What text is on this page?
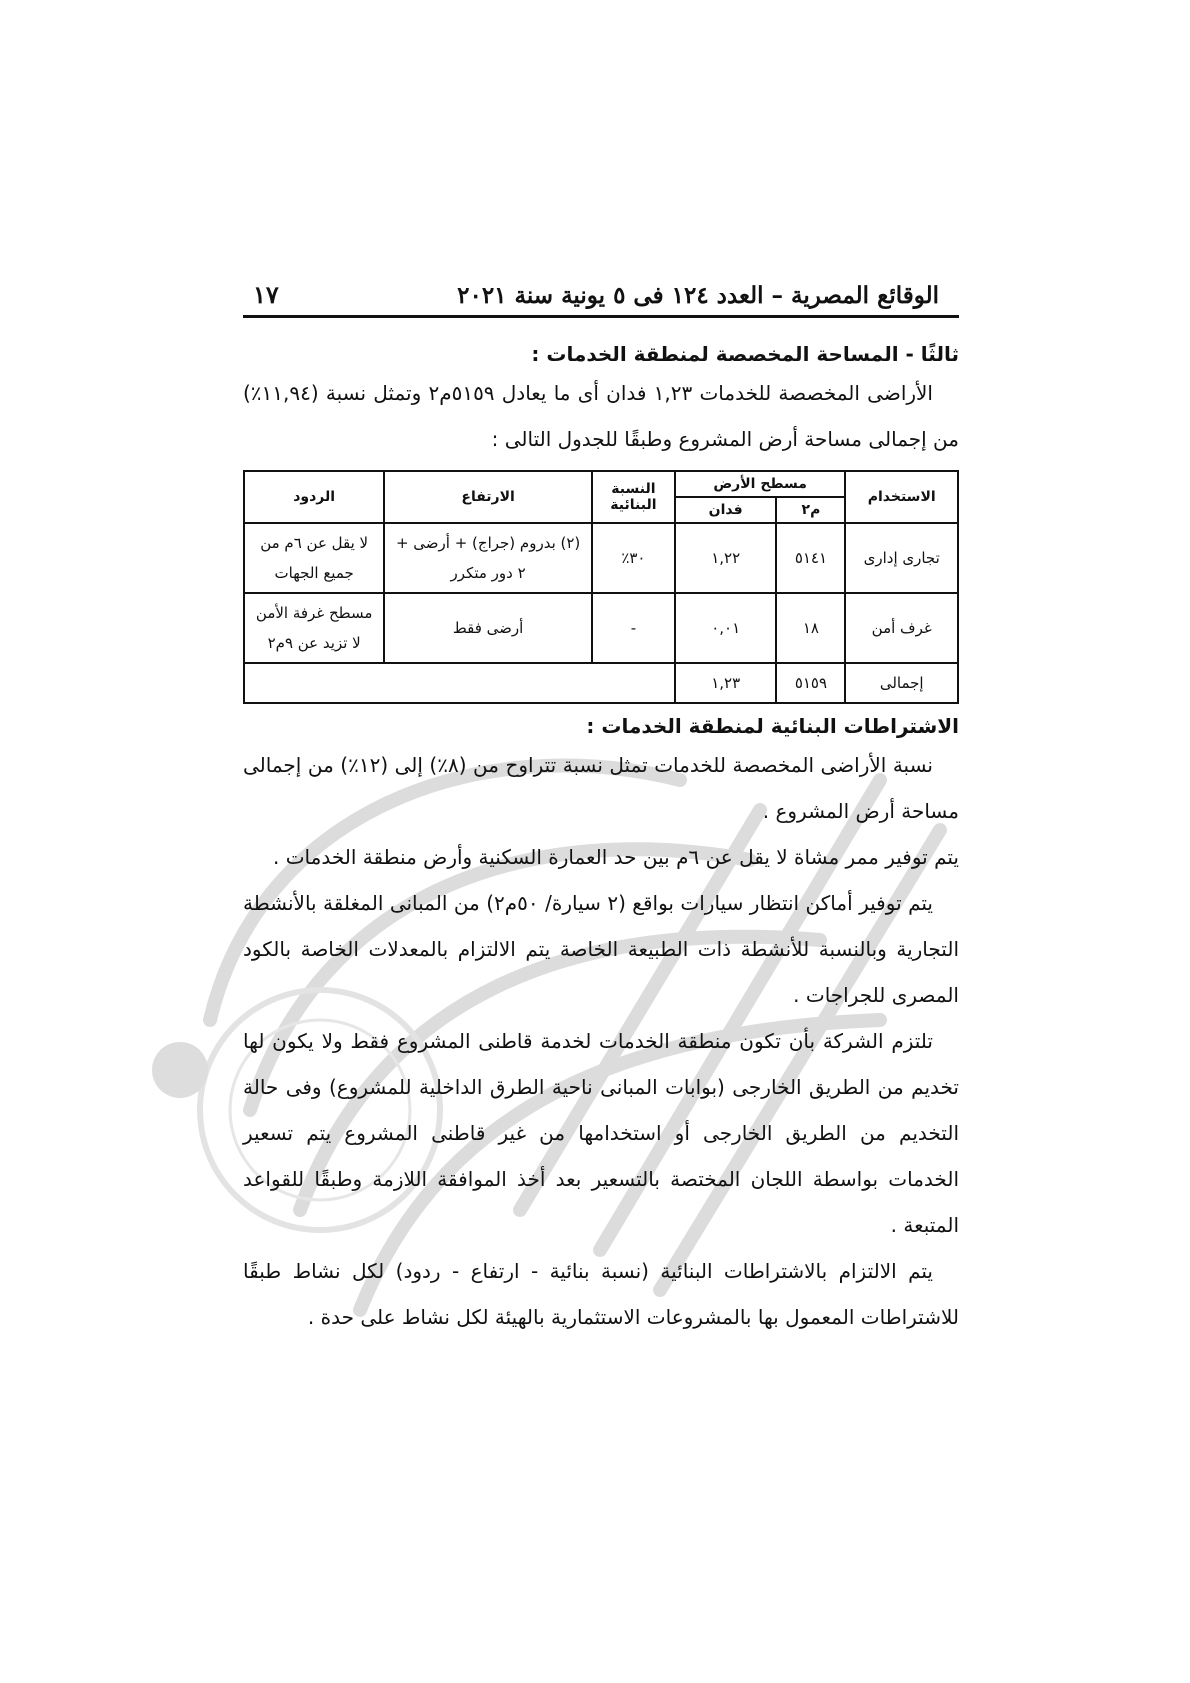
الوقائع المصرية – العدد ١٢٤ فى ٥ يونية سنة ٢٠٢١
١٧
ثالثًا - المساحة المخصصة لمنطقة الخدمات :

الأراضى المخصصة للخدمات ١,٢٣ فدان أى ما يعادل ٥١٥٩م٢ وتمثل نسبة (١١,٩٤٪) من إجمالى مساحة أرض المشروع وطبقًا للجدول التالى :

الاستخدام	مسطح الأرض		النسبة البنائية	الارتفاع	الردود
	م٢	فدان			
تجارى إدارى	٥١٤١	١,٢٢	٣٠٪	(٢) بدروم (جراج) + أرضى + ٢ دور متكرر	لا يقل عن ٦م من جميع الجهات
غرف أمن	١٨	٠,٠١	-	أرضى فقط	مسطح غرفة الأمن لا تزيد عن ٩م٢
إجمالى	٥١٥٩	١,٢٣			
الاشتراطات البنائية لمنطقة الخدمات :

نسبة الأراضى المخصصة للخدمات تمثل نسبة تتراوح من (٨٪) إلى (١٢٪) من إجمالى مساحة أرض المشروع .

يتم توفير ممر مشاة لا يقل عن ٦م بين حد العمارة السكنية وأرض منطقة الخدمات .

يتم توفير أماكن انتظار سيارات بواقع (٢ سيارة/ ٥٠م٢) من المبانى المغلقة بالأنشطة التجارية وبالنسبة للأنشطة ذات الطبيعة الخاصة يتم الالتزام بالمعدلات الخاصة بالكود المصرى للجراجات .

تلتزم الشركة بأن تكون منطقة الخدمات لخدمة قاطنى المشروع فقط ولا يكون لها تخديم من الطريق الخارجى (بوابات المبانى ناحية الطرق الداخلية للمشروع) وفى حالة التخديم من الطريق الخارجى أو استخدامها من غير قاطنى المشروع يتم تسعير الخدمات بواسطة اللجان المختصة بالتسعير بعد أخذ الموافقة اللازمة وطبقًا للقواعد المتبعة .

يتم الالتزام بالاشتراطات البنائية (نسبة بنائية - ارتفاع - ردود) لكل نشاط طبقًا للاشتراطات المعمول بها بالمشروعات الاستثمارية بالهيئة لكل نشاط على حدة .
